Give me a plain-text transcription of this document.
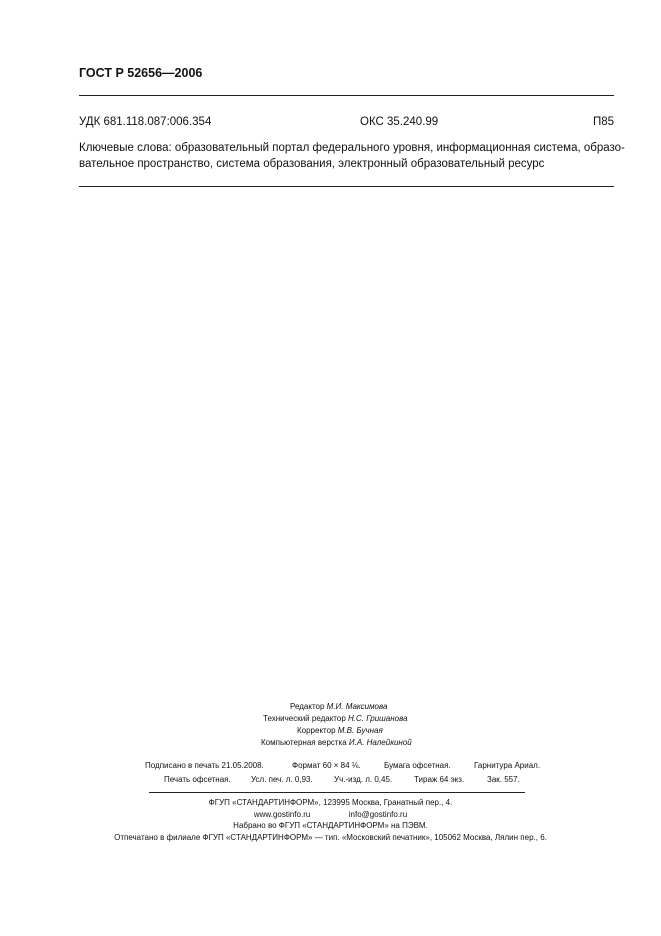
ГОСТ Р 52656—2006
УДК 681.118.087:006.354	ОКС 35.240.99	П85
Ключевые слова: образовательный портал федерального уровня, информационная система, образо-
вательное пространство, система образования, электронный образовательный ресурс
Редактор М.И. Максимова
Технический редактор Н.С. Гришанова
Корректор М.В. Бучная
Компьютерная верстка И.А. Налейкиной
Подписано в печать 21.05.2008.	Формат 60 × 84 ⅛.	Бумага офсетная.	Гарнитура Ариал.
Печать офсетная.	Усл. печ. л. 0,93.	Уч.-изд. л. 0,45.	Тираж 64 экз.	Зак. 557.
ФГУП «СТАНДАРТИНФОРМ», 123995 Москва, Гранатный пер., 4.
www.gostinfo.ru	info@gostinfo.ru
Набрано во ФГУП «СТАНДАРТИНФОРМ» на ПЭВМ.
Отпечатано в филиале ФГУП «СТАНДАРТИНФОРМ» — тип. «Московский печатник», 105062 Москва, Лялин пер., 6.
